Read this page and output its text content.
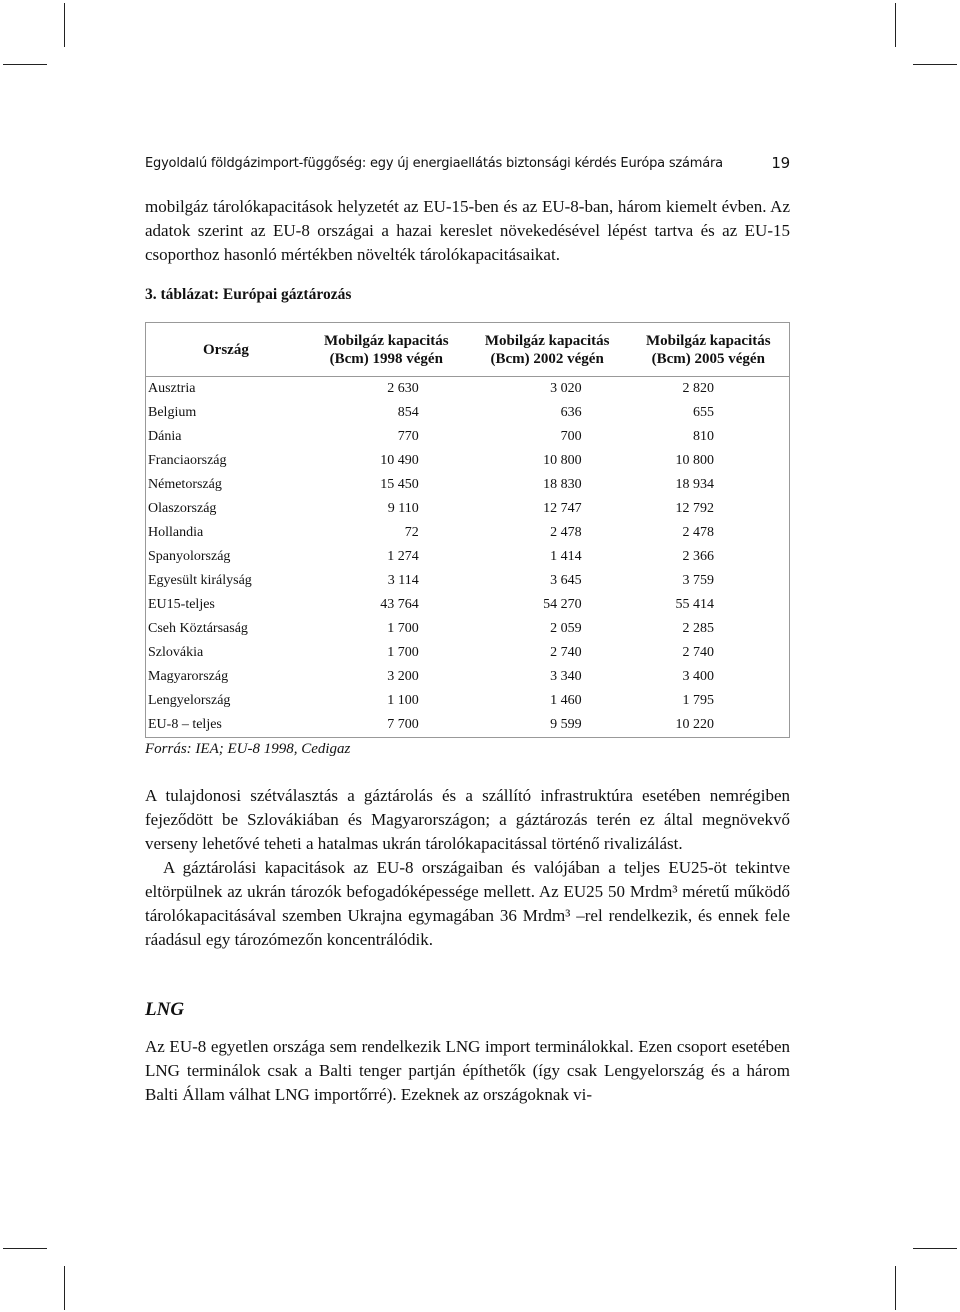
Egyoldalú földgázimport-függőség: egy új energiaellátás biztonsági kérdés Európa számára	19

mobilgáz tárolókapacitások helyzetét az EU-15-ben és az EU-8-ban, három kiemelt évben. Az adatok szerint az EU-8 országai a hazai kereslet növekedésével lépést tartva és az EU-15 csoporthoz hasonló mértékben növelték tárolókapacitásaikat.

3. táblázat: Európai gáztározás
Ország	Mobilgáz kapacitás (Bcm) 1998 végén	Mobilgáz kapacitás (Bcm) 2002 végén	Mobilgáz kapacitás (Bcm) 2005 végén
Ausztria	2 630	3 020	2 820
Belgium	854	636	655
Dánia	770	700	810
Franciaország	10 490	10 800	10 800
Németország	15 450	18 830	18 934
Olaszország	9 110	12 747	12 792
Hollandia	72	2 478	2 478
Spanyolország	1 274	1 414	2 366
Egyesült királyság	3 114	3 645	3 759
EU15-teljes	43 764	54 270	55 414
Cseh Köztársaság	1 700	2 059	2 285
Szlovákia	1 700	2 740	2 740
Magyarország	3 200	3 340	3 400
Lengyelország	1 100	1 460	1 795
EU-8 – teljes	7 700	9 599	10 220
Forrás: IEA; EU-8 1998, Cedigaz

A tulajdonosi szétválasztás a gáztárolás és a szállító infrastruktúra esetében nemrégiben fejeződött be Szlovákiában és Magyarországon; a gáztározás terén ez által megnövekvő verseny lehetővé teheti a hatalmas ukrán tárolókapacitással történő rivalizálást.

A gáztárolási kapacitások az EU-8 országaiban és valójában a teljes EU25-öt tekintve eltörpülnek az ukrán tározók befogadóképessége mellett. Az EU25 50 Mrdm³ méretű működő tárolókapacitásával szemben Ukrajna egymagában 36 Mrdm³ –rel rendelkezik, és ennek fele ráadásul egy tározómezőn koncentrálódik.

LNG

Az EU-8 egyetlen országa sem rendelkezik LNG import terminálokkal. Ezen csoport esetében LNG terminálok csak a Balti tenger partján építhetők (így csak Lengyelország és a három Balti Állam válhat LNG importőrré). Ezeknek az országoknak vi-
